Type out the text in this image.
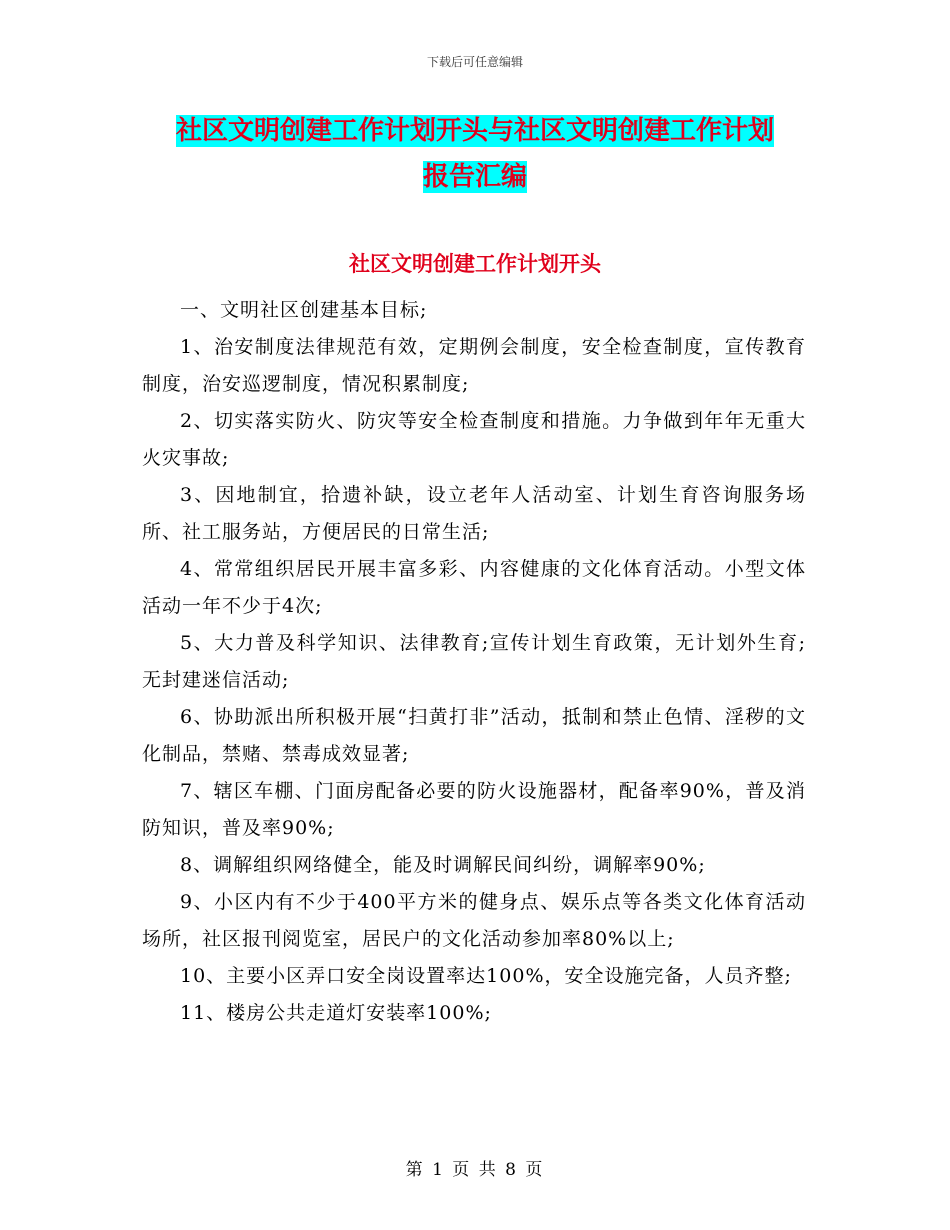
下载后可任意编辑
社区文明创建工作计划开头与社区文明创建工作计划
报告汇编
社区文明创建工作计划开头

一、文明社区创建基本目标;

1、治安制度法律规范有效，定期例会制度，安全检查制度，宣传教育制度，治安巡逻制度，情况积累制度;

2、切实落实防火、防灾等安全检查制度和措施。力争做到年年无重大火灾事故;

3、因地制宜，拾遗补缺，设立老年人活动室、计划生育咨询服务场所、社工服务站，方便居民的日常生活;

4、常常组织居民开展丰富多彩、内容健康的文化体育活动。小型文体活动一年不少于4次;

5、大力普及科学知识、法律教育;宣传计划生育政策，无计划外生育;无封建迷信活动;

6、协助派出所积极开展“扫黄打非”活动，抵制和禁止色情、淫秽的文化制品，禁赌、禁毒成效显著;

7、辖区车棚、门面房配备必要的防火设施器材，配备率90%，普及消防知识，普及率90%;

8、调解组织网络健全，能及时调解民间纠纷，调解率90%;

9、小区内有不少于400平方米的健身点、娱乐点等各类文化体育活动场所，社区报刊阅览室，居民户的文化活动参加率80%以上;

10、主要小区弄口安全岗设置率达100%，安全设施完备，人员齐整;

11、楼房公共走道灯安装率100%;

第 1 页 共 8 页
